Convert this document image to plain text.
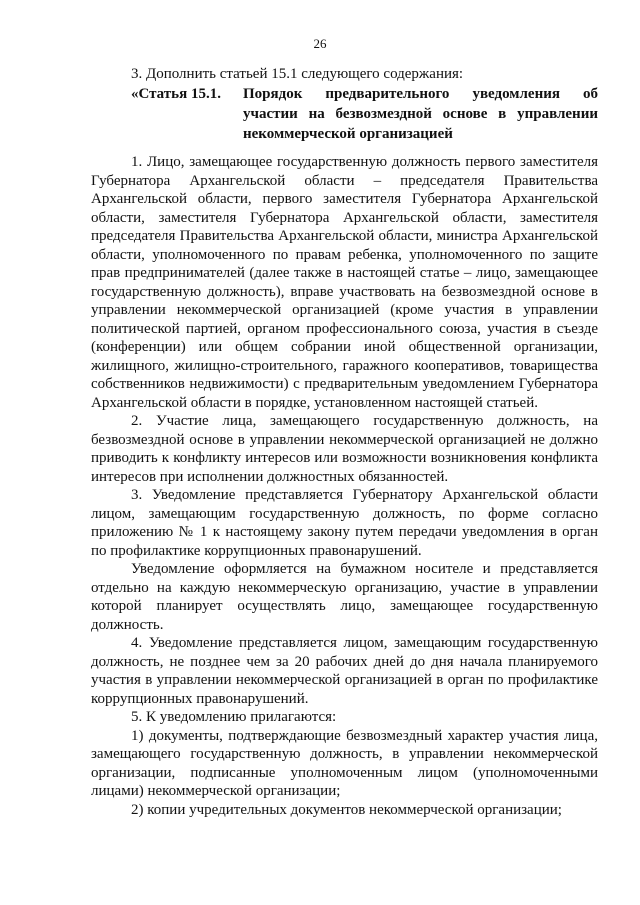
26
3. Дополнить статьей 15.1 следующего содержания:
«Статья 15.1. Порядок предварительного уведомления об участии на безвозмездной основе в управлении некоммерческой организацией

1. Лицо, замещающее государственную должность первого заместителя Губернатора Архангельской области – председателя Правительства Архангельской области, первого заместителя Губернатора Архангельской области, заместителя Губернатора Архангельской области, заместителя председателя Правительства Архангельской области, министра Архангельской области, уполномоченного по правам ребенка, уполномоченного по защите прав предпринимателей (далее также в настоящей статье – лицо, замещающее государственную должность), вправе участвовать на безвозмездной основе в управлении некоммерческой организацией (кроме участия в управлении политической партией, органом профессионального союза, участия в съезде (конференции) или общем собрании иной общественной организации, жилищного, жилищно-строительного, гаражного кооперативов, товарищества собственников недвижимости) с предварительным уведомлением Губернатора Архангельской области в порядке, установленном настоящей статьей.

2. Участие лица, замещающего государственную должность, на безвозмездной основе в управлении некоммерческой организацией не должно приводить к конфликту интересов или возможности возникновения конфликта интересов при исполнении должностных обязанностей.

3. Уведомление представляется Губернатору Архангельской области лицом, замещающим государственную должность, по форме согласно приложению № 1 к настоящему закону путем передачи уведомления в орган по профилактике коррупционных правонарушений.

Уведомление оформляется на бумажном носителе и представляется отдельно на каждую некоммерческую организацию, участие в управлении которой планирует осуществлять лицо, замещающее государственную должность.

4. Уведомление представляется лицом, замещающим государственную должность, не позднее чем за 20 рабочих дней до дня начала планируемого участия в управлении некоммерческой организацией в орган по профилактике коррупционных правонарушений.

5. К уведомлению прилагаются:

1) документы, подтверждающие безвозмездный характер участия лица, замещающего государственную должность, в управлении некоммерческой организации, подписанные уполномоченным лицом (уполномоченными лицами) некоммерческой организации;

2) копии учредительных документов некоммерческой организации;
